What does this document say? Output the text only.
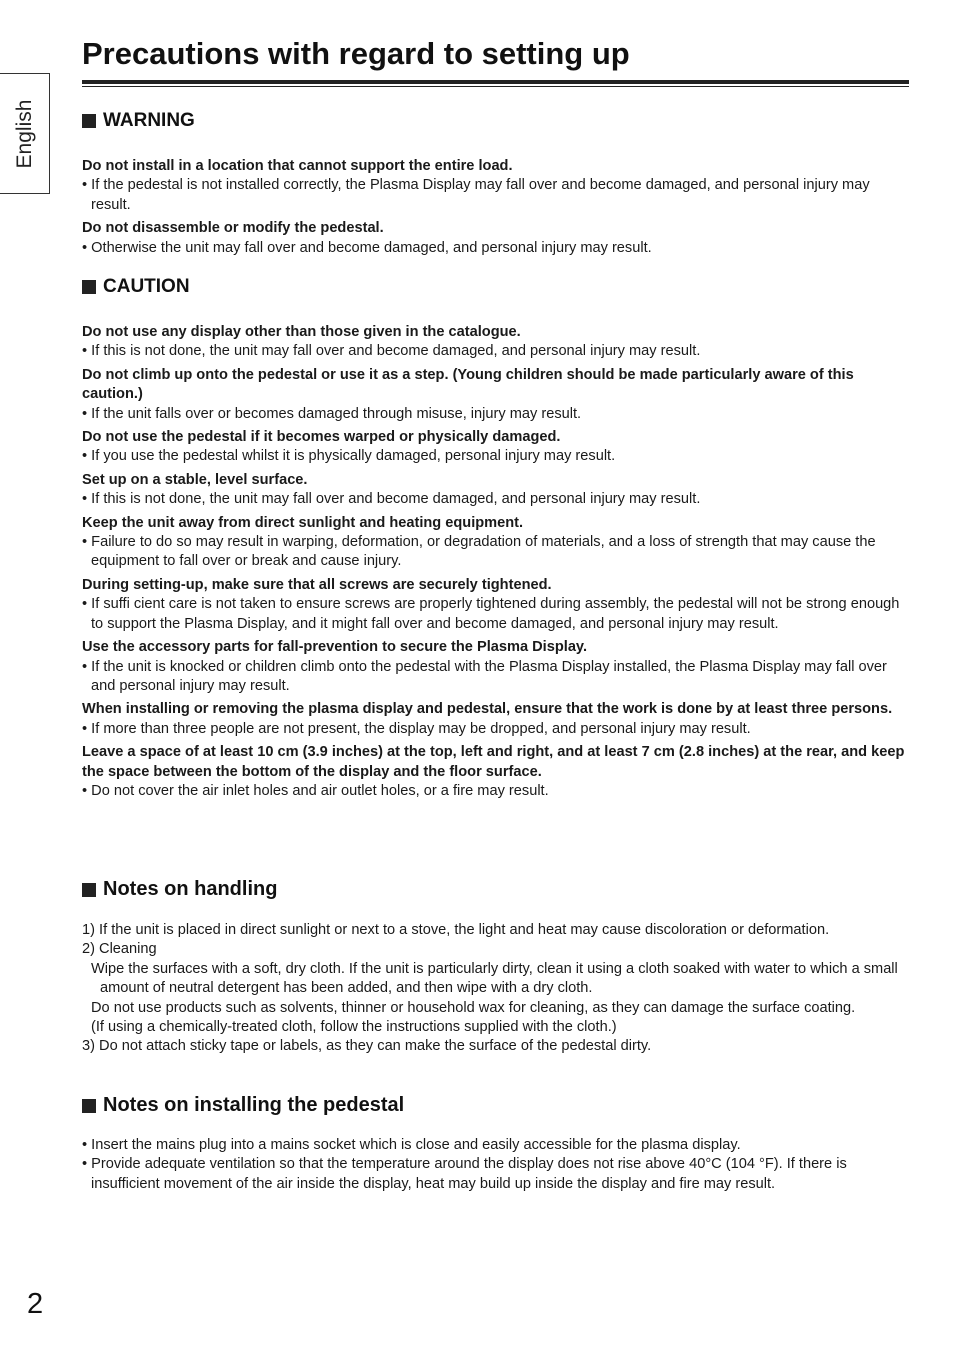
English
Precautions with regard to setting up
WARNING
Do not install in a location that cannot support the entire load.
• If the pedestal is not installed correctly, the Plasma Display may fall over and become damaged, and personal injury may result.
Do not disassemble or modify the pedestal.
• Otherwise the unit may fall over and become damaged, and personal injury may result.
CAUTION
Do not use any display other than those given in the catalogue.
• If this is not done, the unit may fall over and become damaged, and personal injury may result.
Do not climb up onto the pedestal or use it as a step. (Young children should be made particularly aware of this caution.)
• If the unit falls over or becomes damaged through misuse, injury may result.
Do not use the pedestal if it becomes warped or physically damaged.
• If you use the pedestal whilst it is physically damaged, personal injury may result.
Set up on a stable, level surface.
• If this is not done, the unit may fall over and become damaged, and personal injury may result.
Keep the unit away from direct sunlight and heating equipment.
• Failure to do so may result in warping, deformation, or degradation of materials, and a loss of strength that may cause the equipment to fall over or break and cause injury.
During setting-up, make sure that all screws are securely tightened.
• If suffi cient care is not taken to ensure screws are properly tightened during assembly, the pedestal will not be strong enough to support the Plasma Display, and it might fall over and become damaged, and personal injury may result.
Use the accessory parts for fall-prevention to secure the Plasma Display.
• If the unit is knocked or children climb onto the pedestal with the Plasma Display installed, the Plasma Display may fall over and personal injury may result.
When installing or removing the plasma display and pedestal, ensure that the work is done by at least three persons.
• If more than three people are not present, the display may be dropped, and personal injury may result.
Leave a space of at least 10 cm (3.9 inches) at the top, left and right, and at least 7 cm (2.8 inches) at the rear, and keep the space between the bottom of the display and the floor surface.
• Do not cover the air inlet holes and air outlet holes, or a fire may result.
Notes on handling
1) If the unit is placed in direct sunlight or next to a stove, the light and heat may cause discoloration or deformation.
2) Cleaning
Wipe the surfaces with a soft, dry cloth. If the unit is particularly dirty, clean it using a cloth soaked with water to which a small amount of neutral detergent has been added, and then wipe with a dry cloth.
Do not use products such as solvents, thinner or household wax for cleaning, as they can damage the surface coating.
(If using a chemically-treated cloth, follow the instructions supplied with the cloth.)
3) Do not attach sticky tape or labels, as they can make the surface of the pedestal dirty.
Notes on installing the pedestal
• Insert the mains plug into a mains socket which is close and easily accessible for the plasma display.
• Provide adequate ventilation so that the temperature around the display does not rise above 40°C (104 °F). If there is insufficient movement of the air inside the display, heat may build up inside the display and fire may result.
2
